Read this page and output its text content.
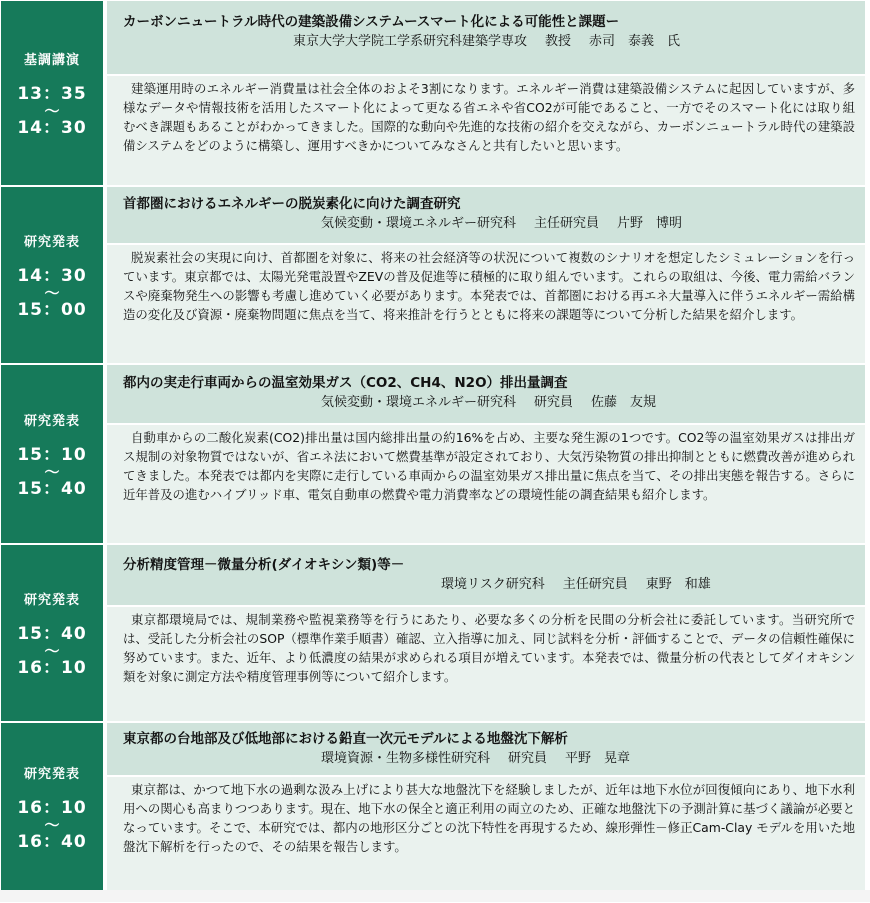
基調講演
13：35
〜
14：30
カーボンニュートラル時代の建築設備システムースマート化による可能性と課題ー
東京大学大学院工学系研究科建築学専攻 教授 赤司　泰義　氏
建築運用時のエネルギー消費量は社会全体のおよそ3割になります。エネルギー消費は建築設備システムに起因していますが、多様なデータや情報技術を活用したスマート化によって更なる省エネや省CO2が可能であること、一方でそのスマート化には取り組むべき課題もあることがわかってきました。国際的な動向や先進的な技術の紹介を交えながら、カーボンニュートラル時代の建築設備システムをどのように構築し、運用すべきかについてみなさんと共有したいと思います。
研究発表
14：30
〜
15：00
首都圏におけるエネルギーの脱炭素化に向けた調査研究
気候変動・環境エネルギー研究科 主任研究員 片野　博明
脱炭素社会の実現に向け、首都圏を対象に、将来の社会経済等の状況について複数のシナリオを想定したシミュレーションを行っています。東京都では、太陽光発電設置やZEVの普及促進等に積極的に取り組んでいます。これらの取組は、今後、電力需給バランスや廃棄物発生への影響も考慮し進めていく必要があります。本発表では、首都圏における再エネ大量導入に伴うエネルギー需給構造の変化及び資源・廃棄物問題に焦点を当て、将来推計を行うとともに将来の課題等について分析した結果を紹介します。
研究発表
15：10
〜
15：40
都内の実走行車両からの温室効果ガス（CO2、CH4、N2O）排出量調査
気候変動・環境エネルギー研究科 研究員 佐藤　友規
自動車からの二酸化炭素(CO2)排出量は国内総排出量の約16%を占め、主要な発生源の1つです。CO2等の温室効果ガスは排出ガス規制の対象物質ではないが、省エネ法において燃費基準が設定されており、大気汚染物質の排出抑制とともに燃費改善が進められてきました。本発表では都内を実際に走行している車両からの温室効果ガス排出量に焦点を当て、その排出実態を報告する。さらに近年普及の進むハイブリッド車、電気自動車の燃費や電力消費率などの環境性能の調査結果も紹介します。
研究発表
15：40
〜
16：10
分析精度管理－微量分析(ダイオキシン類)等－
環境リスク研究科 主任研究員 東野　和雄
東京都環境局では、規制業務や監視業務等を行うにあたり、必要な多くの分析を民間の分析会社に委託しています。当研究所では、受託した分析会社のSOP（標準作業手順書）確認、立入指導に加え、同じ試料を分析・評価することで、データの信頼性確保に努めています。また、近年、より低濃度の結果が求められる項目が増えています。本発表では、微量分析の代表としてダイオキシン類を対象に測定方法や精度管理事例等について紹介します。
研究発表
16：10
〜
16：40
東京都の台地部及び低地部における鉛直一次元モデルによる地盤沈下解析
環境資源・生物多様性研究科 研究員 平野　晃章
東京都は、かつて地下水の過剰な汲み上げにより甚大な地盤沈下を経験しましたが、近年は地下水位が回復傾向にあり、地下水利用への関心も高まりつつあります。現在、地下水の保全と適正利用の両立のため、正確な地盤沈下の予測計算に基づく議論が必要となっています。そこで、本研究では、都内の地形区分ごとの沈下特性を再現するため、線形弾性－修正Cam-Clay モデルを用いた地盤沈下解析を行ったので、その結果を報告します。
